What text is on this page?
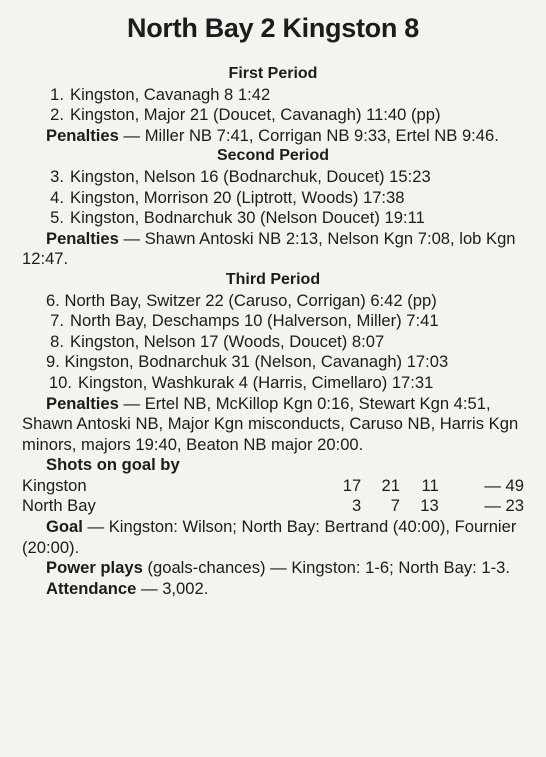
North Bay 2 Kingston 8
First Period
1. Kingston, Cavanagh 8 1:42
2. Kingston, Major 21 (Doucet, Cavanagh) 11:40 (pp)
Penalties — Miller NB 7:41, Corrigan NB 9:33, Ertel NB 9:46.
Second Period
3. Kingston, Nelson 16 (Bodnarchuk, Doucet) 15:23
4. Kingston, Morrison 20 (Liptrott, Woods) 17:38
5. Kingston, Bodnarchuk 30 (Nelson Doucet) 19:11
Penalties — Shawn Antoski NB 2:13, Nelson Kgn 7:08, lob Kgn 12:47.
Third Period
6. North Bay, Switzer 22 (Caruso, Corrigan) 6:42 (pp)
7. North Bay, Deschamps 10 (Halverson, Miller) 7:41
8. Kingston, Nelson 17 (Woods, Doucet) 8:07
9. Kingston, Bodnarchuk 31 (Nelson, Cavanagh) 17:03
10. Kingston, Washkurak 4 (Harris, Cimellaro) 17:31
Penalties — Ertel NB, McKillop Kgn 0:16, Stewart Kgn 4:51, Shawn Antoski NB, Major Kgn misconducts, Caruso NB, Harris Kgn minors, majors 19:40, Beaton NB major 20:00.
Shots on goal by
Kingston	17	21	11	— 49
North Bay	3	7	13	— 23
Goal — Kingston: Wilson; North Bay: Bertrand (40:00), Fournier (20:00).
Power plays (goals-chances) — Kingston: 1-6; North Bay: 1-3.
Attendance — 3,002.
